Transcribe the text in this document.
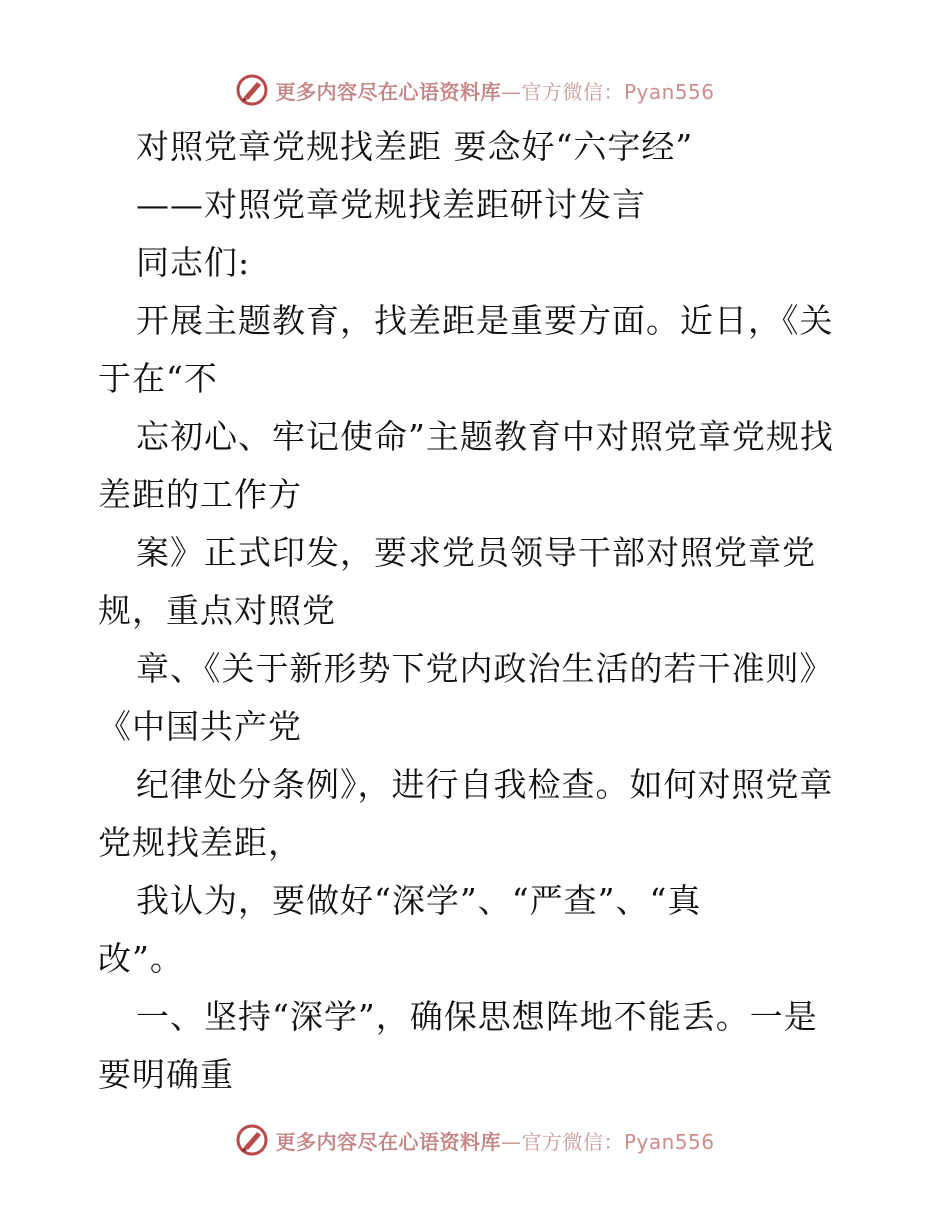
更多内容尽在心语资料库—官方微信：Pyan556
对照党章党规找差距 要念好“六字经”
——对照党章党规找差距研讨发言
同志们:
开展主题教育，找差距是重要方面。近日，《关
于在“不
忘初心、牢记使命”主题教育中对照党章党规找
差距的工作方
案》正式印发，要求党员领导干部对照党章党
规，重点对照党
章、《关于新形势下党内政治生活的若干准则》
《中国共产党
纪律处分条例》，进行自我检查。如何对照党章
党规找差距，
我认为，要做好“深学”、“严查”、“真
改”。
一、坚持“深学”，确保思想阵地不能丢。一是
要明确重
更多内容尽在心语资料库—官方微信：Pyan556
